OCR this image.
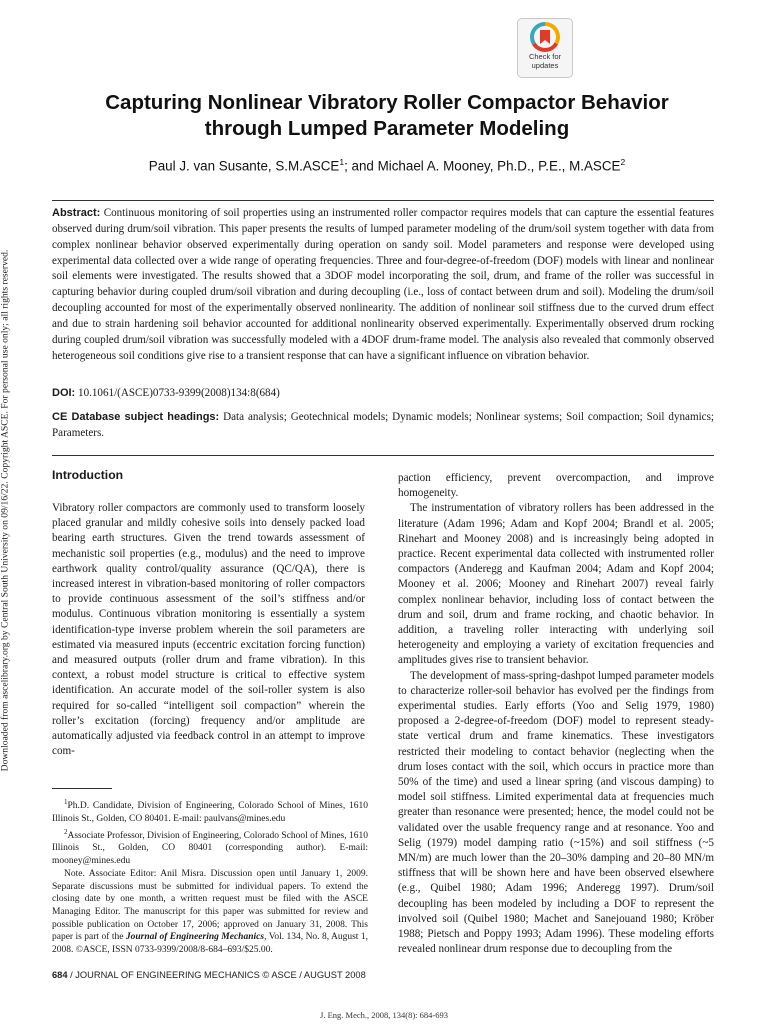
Downloaded from ascelibrary.org by Central South University on 09/16/22. Copyright ASCE. For personal use only; all rights reserved.
Check for
updates
Capturing Nonlinear Vibratory Roller Compactor Behavior
through Lumped Parameter Modeling
Paul J. van Susante, S.M.ASCE$^1$; and Michael A. Mooney, Ph.D., P.E., M.ASCE$^2$
Abstract: Continuous monitoring of soil properties using an instrumented roller compactor requires models that can capture the essential features observed during drum/soil vibration. This paper presents the results of lumped parameter modeling of the drum/soil system together with data from complex nonlinear behavior observed experimentally during operation on sandy soil. Model parameters and response were developed using experimental data collected over a wide range of operating frequencies. Three and four-degree-of-freedom (DOF) models with linear and nonlinear soil elements were investigated. The results showed that a 3DOF model incorporating the soil, drum, and frame of the roller was successful in capturing behavior during coupled drum/soil vibration and during decoupling (i.e., loss of contact between drum and soil). Modeling the drum/soil decoupling accounted for most of the experimentally observed nonlinearity. The addition of nonlinear soil stiffness due to the curved drum effect and due to strain hardening soil behavior accounted for additional nonlinearity observed experimentally. Experimentally observed drum rocking during coupled drum/soil vibration was successfully modeled with a 4DOF drum-frame model. The analysis also revealed that commonly observed heterogeneous soil conditions give rise to a transient response that can have a significant influence on vibration behavior.
DOI: 10.1061/(ASCE)0733-9399(2008)134:8(684)
CE Database subject headings: Data analysis; Geotechnical models; Dynamic models; Nonlinear systems; Soil compaction; Soil dynamics; Parameters.
Introduction

Vibratory roller compactors are commonly used to transform loosely placed granular and mildly cohesive soils into densely packed load bearing earth structures. Given the trend towards assessment of mechanistic soil properties (e.g., modulus) and the need to improve earthwork quality control/quality assurance (QC/QA), there is increased interest in vibration-based monitoring of roller compactors to provide continuous assessment of the soil’s stiffness and/or modulus. Continuous vibration monitoring is essentially a system identification-type inverse problem wherein the soil parameters are estimated via measured inputs (eccentric excitation forcing function) and measured outputs (roller drum and frame vibration). In this context, a robust model structure is critical to effective system identification. An accurate model of the soil-roller system is also required for so-called “intelligent soil compaction” wherein the roller’s excitation (forcing) frequency and/or amplitude are automatically adjusted via feedback control in an attempt to improve com-

$^1$Ph.D. Candidate, Division of Engineering, Colorado School of Mines, 1610 Illinois St., Golden, CO 80401. E-mail: paulvans@mines.edu

$^2$Associate Professor, Division of Engineering, Colorado School of Mines, 1610 Illinois St., Golden, CO 80401 (corresponding author). E-mail: mooney@mines.edu

Note. Associate Editor: Anil Misra. Discussion open until January 1, 2009. Separate discussions must be submitted for individual papers. To extend the closing date by one month, a written request must be filed with the ASCE Managing Editor. The manuscript for this paper was submitted for review and possible publication on October 17, 2006; approved on January 31, 2008. This paper is part of the Journal of Engineering Mechanics, Vol. 134, No. 8, August 1, 2008. ©ASCE, ISSN 0733-9399/2008/8-684–693/$25.00.

paction efficiency, prevent overcompaction, and improve homogeneity.

The instrumentation of vibratory rollers has been addressed in the literature (Adam 1996; Adam and Kopf 2004; Brandl et al. 2005; Rinehart and Mooney 2008) and is increasingly being adopted in practice. Recent experimental data collected with instrumented roller compactors (Anderegg and Kaufman 2004; Adam and Kopf 2004; Mooney et al. 2006; Mooney and Rinehart 2007) reveal fairly complex nonlinear behavior, including loss of contact between the drum and soil, drum and frame rocking, and chaotic behavior. In addition, a traveling roller interacting with underlying soil heterogeneity and employing a variety of excitation frequencies and amplitudes gives rise to transient behavior.

The development of mass-spring-dashpot lumped parameter models to characterize roller-soil behavior has evolved per the findings from experimental studies. Early efforts (Yoo and Selig 1979, 1980) proposed a 2-degree-of-freedom (DOF) model to represent steady-state vertical drum and frame kinematics. These investigators restricted their modeling to contact behavior (neglecting when the drum loses contact with the soil, which occurs in practice more than 50% of the time) and used a linear spring (and viscous damping) to model soil stiffness. Limited experimental data at frequencies much greater than resonance were presented; hence, the model could not be validated over the usable frequency range and at resonance. Yoo and Selig (1979) model damping ratio (~15%) and soil stiffness (~5 MN/m) are much lower than the 20–30% damping and 20–80 MN/m stiffness that will be shown here and have been observed elsewhere (e.g., Quibel 1980; Adam 1996; Anderegg 1997). Drum/soil decoupling has been modeled by including a DOF to represent the involved soil (Quibel 1980; Machet and Sanejouand 1980; Kröber 1988; Pietsch and Poppy 1993; Adam 1996). These modeling efforts revealed nonlinear drum response due to decoupling from the

684 / JOURNAL OF ENGINEERING MECHANICS © ASCE / AUGUST 2008
J. Eng. Mech., 2008, 134(8): 684-693
